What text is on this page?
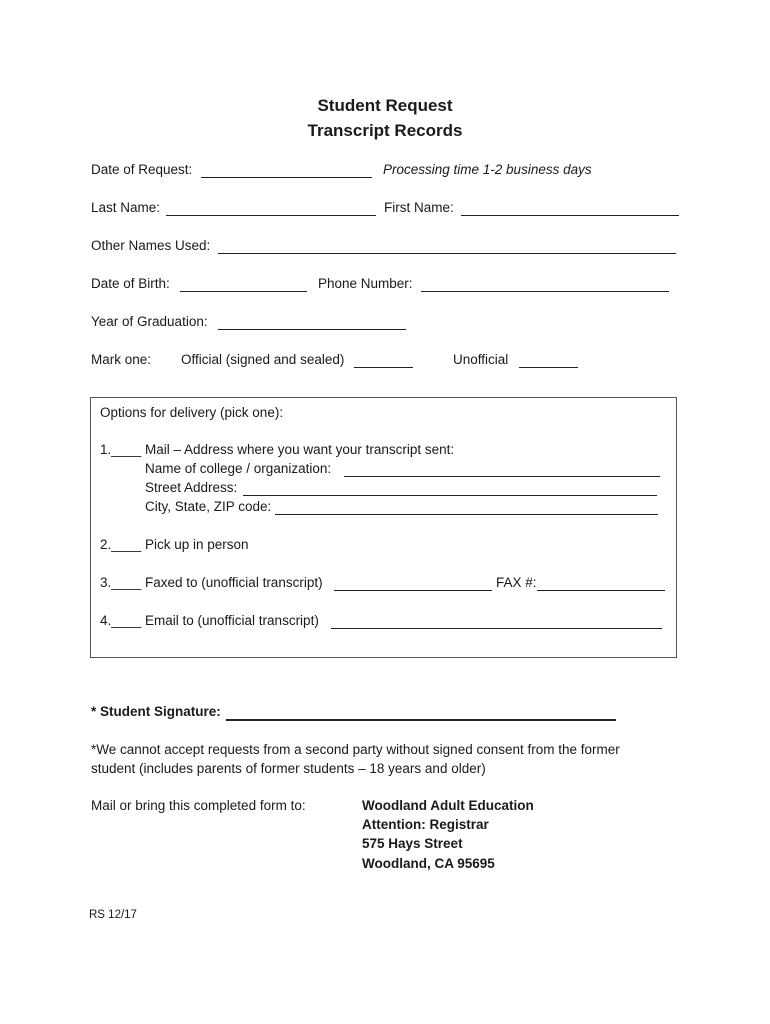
Student Request
Transcript Records
Date of Request:	Processing time 1-2 business days
Last Name:	First Name:
Other Names Used:
Date of Birth:	Phone Number:
Year of Graduation:
Mark one: Official (signed and sealed)	Unofficial
Options for delivery (pick one):
1.____ Mail – Address where you want your transcript sent:
Name of college / organization:
Street Address:
City, State, ZIP code:
2.____ Pick up in person
3.____ Faxed to (unofficial transcript)	FAX #:
4.____ Email to (unofficial transcript)
* Student Signature:
*We cannot accept requests from a second party without signed consent from the former
student (includes parents of former students – 18 years and older)
Mail or bring this completed form to:	Woodland Adult Education
Attention: Registrar
575 Hays Street
Woodland, CA 95695
RS 12/17
